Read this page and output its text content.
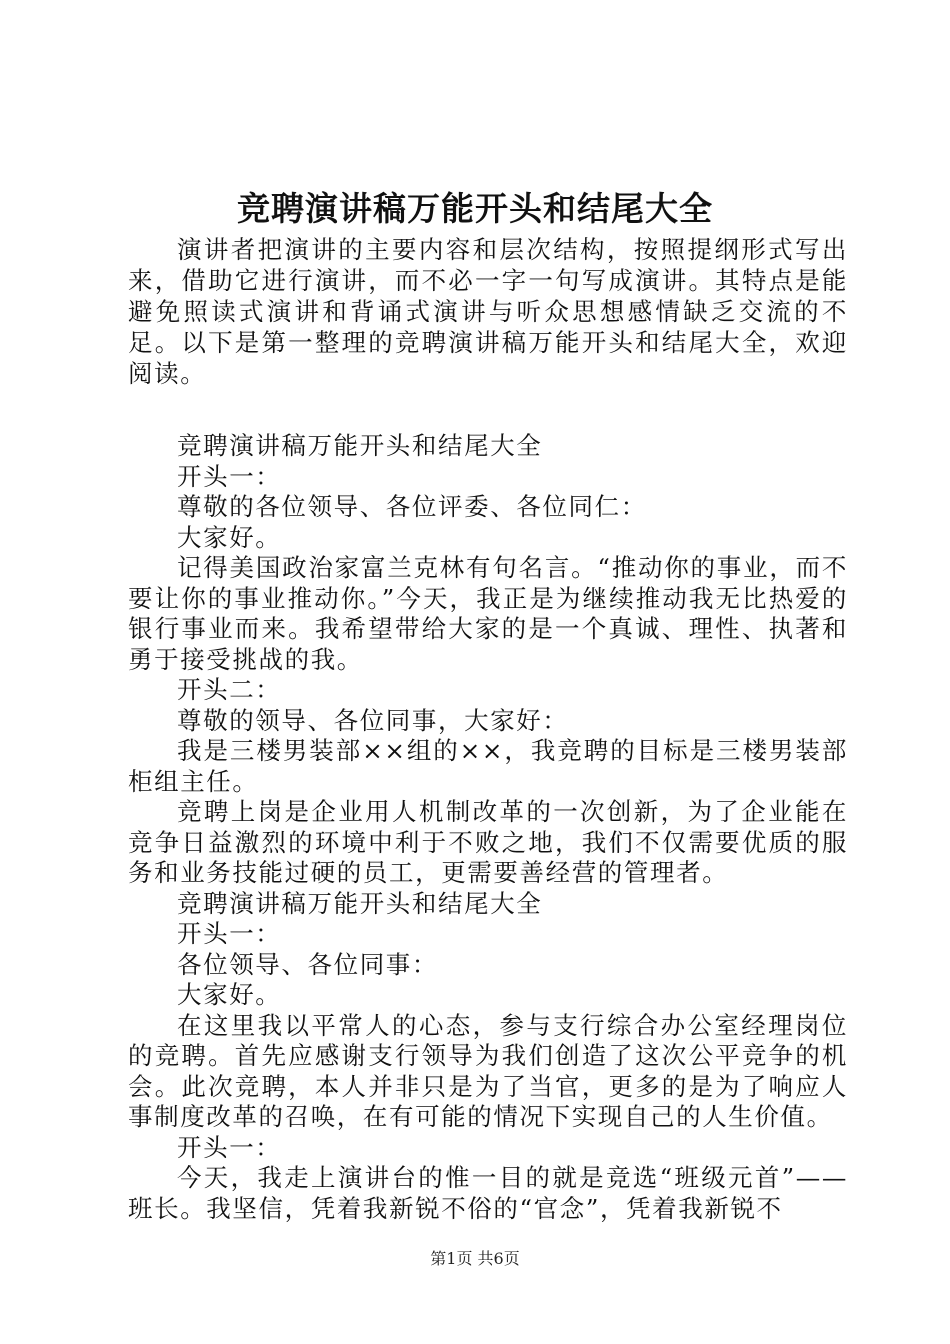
竞聘演讲稿万能开头和结尾大全

演讲者把演讲的主要内容和层次结构，按照提纲形式写出来，借助它进行演讲，而不必一字一句写成演讲。其特点是能避免照读式演讲和背诵式演讲与听众思想感情缺乏交流的不足。以下是第一整理的竞聘演讲稿万能开头和结尾大全，欢迎阅读。

竞聘演讲稿万能开头和结尾大全

开头一：

尊敬的各位领导、各位评委、各位同仁：

大家好。

记得美国政治家富兰克林有句名言。“推动你的事业，而不要让你的事业推动你。”今天，我正是为继续推动我无比热爱的银行事业而来。我希望带给大家的是一个真诚、理性、执著和勇于接受挑战的我。

开头二：

尊敬的领导、各位同事，大家好：

我是三楼男装部××组的××，我竞聘的目标是三楼男装部柜组主任。

竞聘上岗是企业用人机制改革的一次创新，为了企业能在竞争日益激烈的环境中利于不败之地，我们不仅需要优质的服务和业务技能过硬的员工，更需要善经营的管理者。

竞聘演讲稿万能开头和结尾大全

开头一：

各位领导、各位同事：

大家好。

在这里我以平常人的心态，参与支行综合办公室经理岗位的竞聘。首先应感谢支行领导为我们创造了这次公平竞争的机会。此次竞聘，本人并非只是为了当官，更多的是为了响应人事制度改革的召唤，在有可能的情况下实现自己的人生价值。

开头一：

今天，我走上演讲台的惟一目的就是竞选“班级元首”——班长。我坚信，凭着我新锐不俗的“官念”，凭着我新锐不

第1页 共6页
